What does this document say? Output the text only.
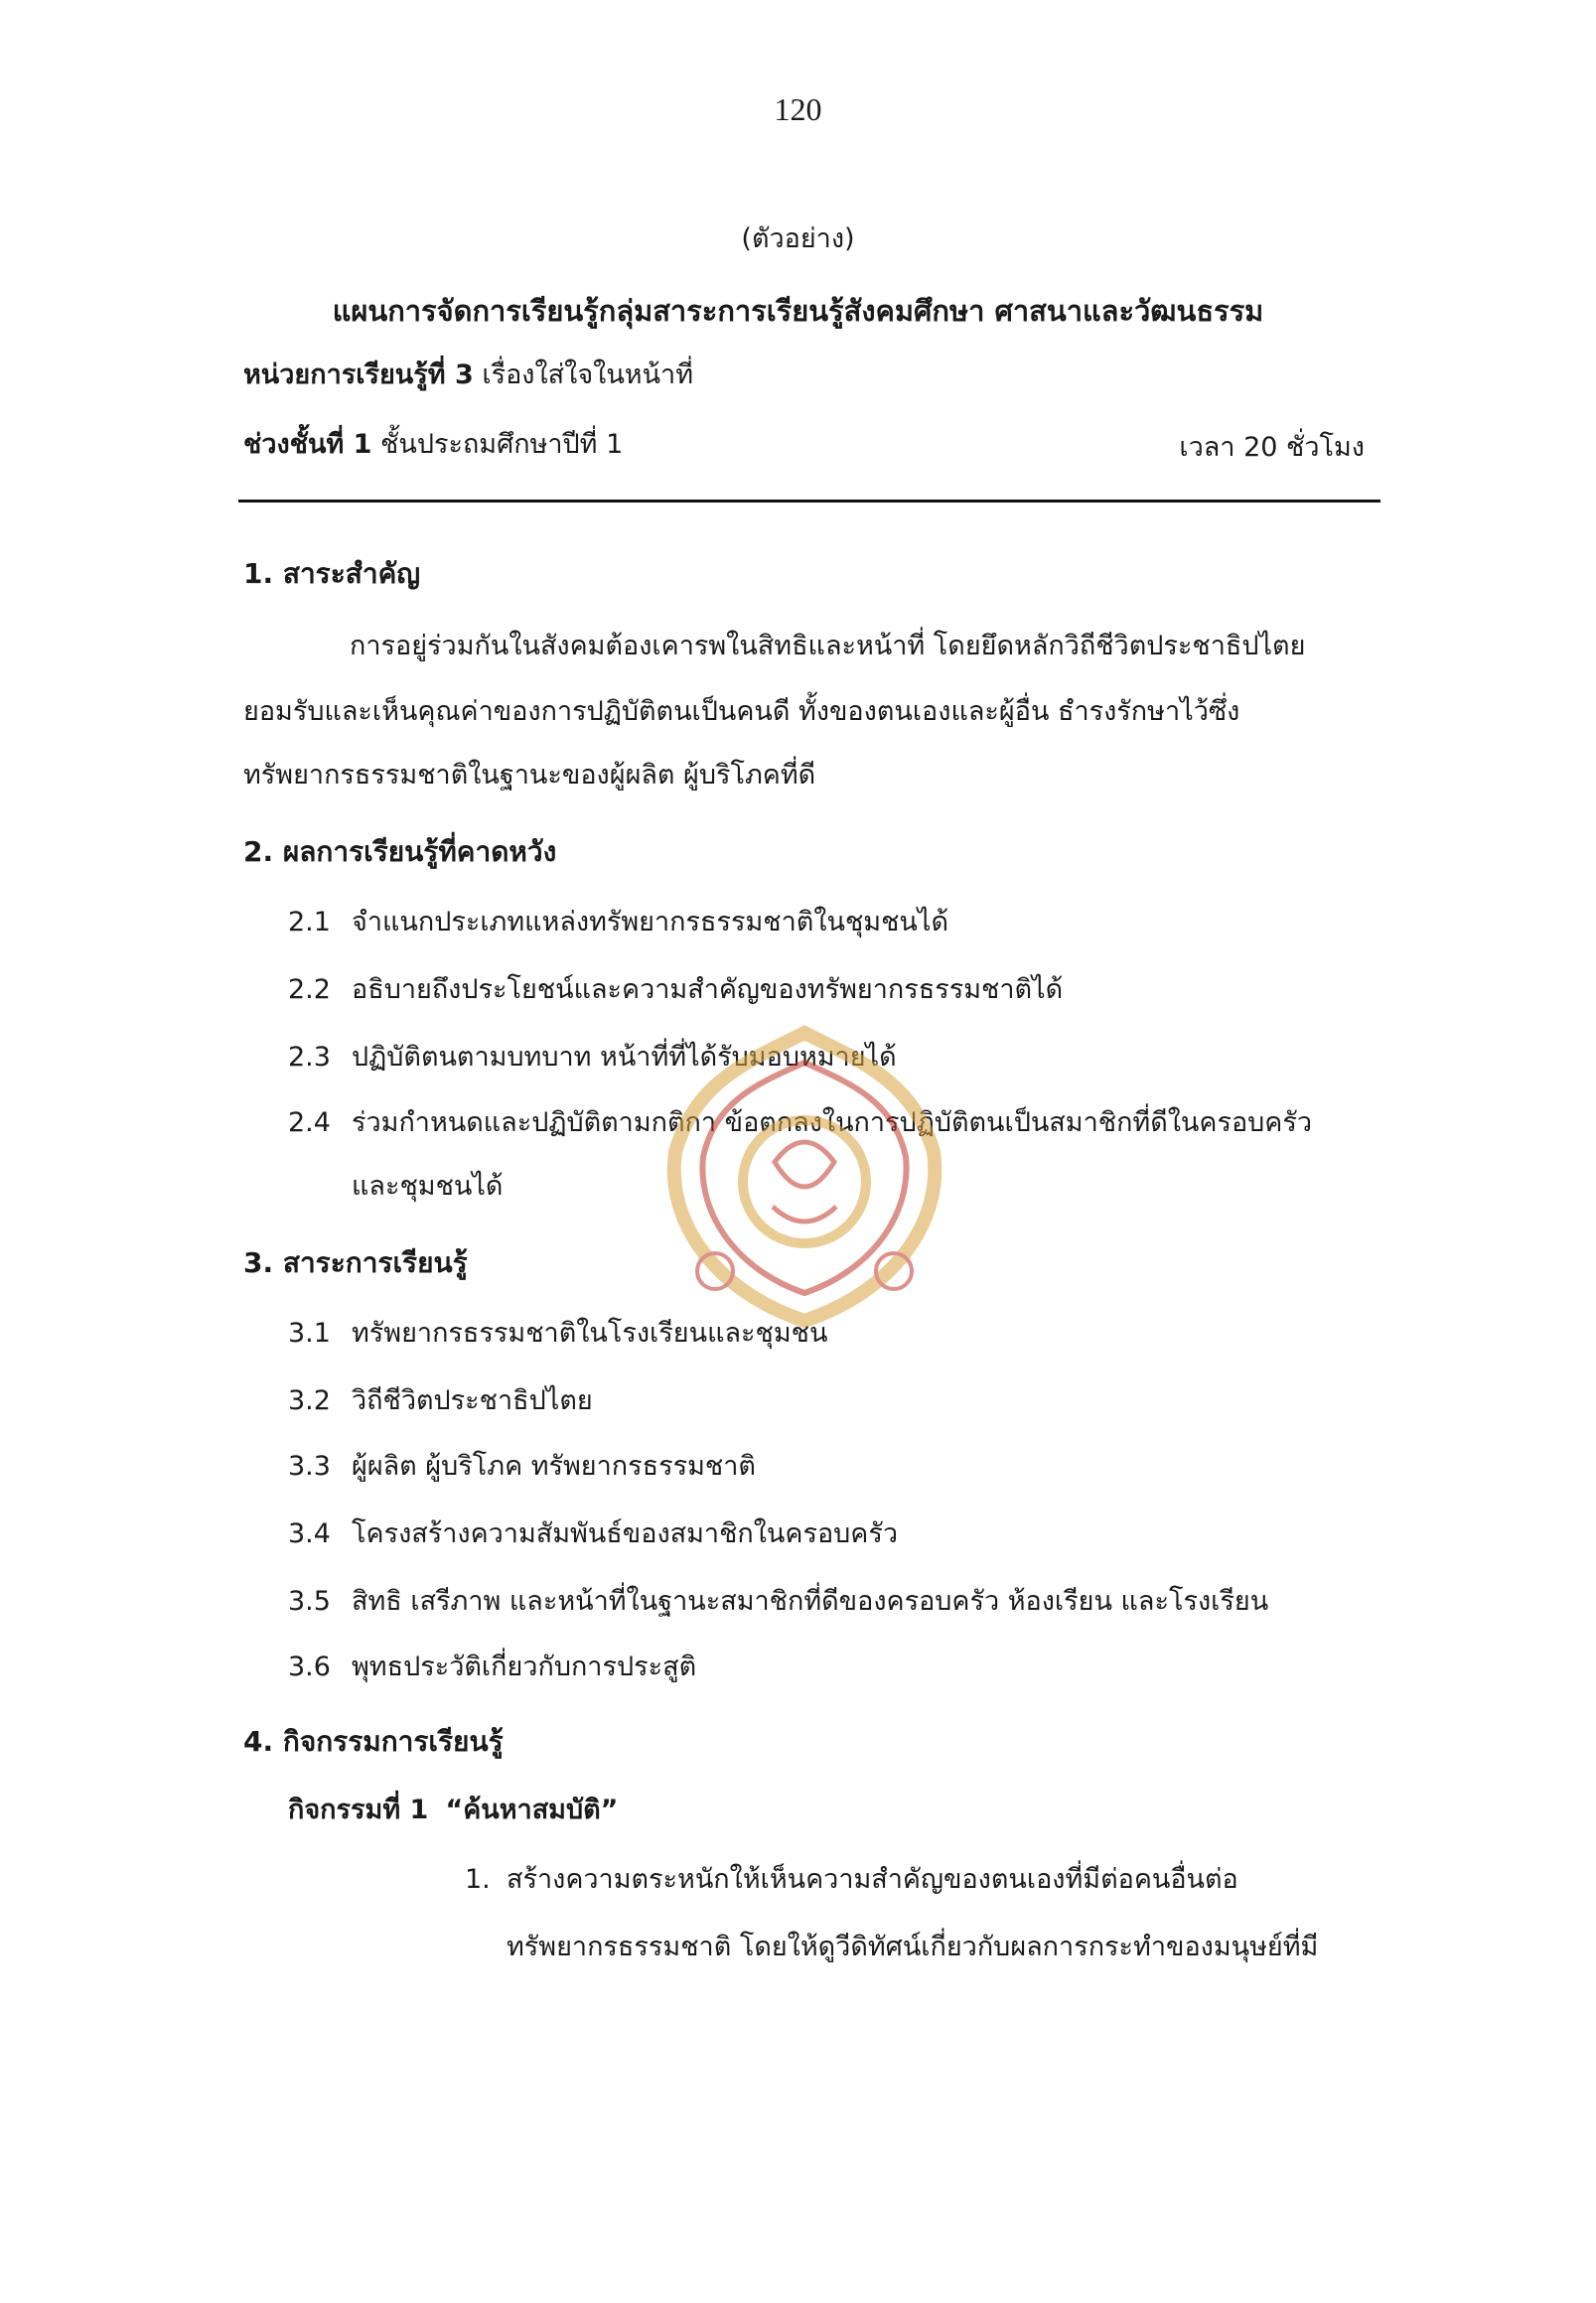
120
(ตัวอย่าง)
แผนการจัดการเรียนรู้กลุ่มสาระการเรียนรู้สังคมศึกษา ศาสนาและวัฒนธรรม
หน่วยการเรียนรู้ที่ 3 เรื่องใส่ใจในหน้าที่
ช่วงชั้นที่ 1 ชั้นประถมศึกษาปีที่ 1	เวลา 20 ชั่วโมง
1. สาระสำคัญ
การอยู่ร่วมกันในสังคมต้องเคารพในสิทธิและหน้าที่ โดยยึดหลักวิถีชีวิตประชาธิปไตย
ยอมรับและเห็นคุณค่าของการปฏิบัติตนเป็นคนดี ทั้งของตนเองและผู้อื่น ธำรงรักษาไว้ซึ่ง
ทรัพยากรธรรมชาติในฐานะของผู้ผลิต ผู้บริโภคที่ดี
2. ผลการเรียนรู้ที่คาดหวัง
2.1 จำแนกประเภทแหล่งทรัพยากรธรรมชาติในชุมชนได้
2.2 อธิบายถึงประโยชน์และความสำคัญของทรัพยากรธรรมชาติได้
2.3 ปฏิบัติตนตามบทบาท หน้าที่ที่ได้รับมอบหมายได้
2.4 ร่วมกำหนดและปฏิบัติตามกติกา ข้อตกลงในการปฏิบัติตนเป็นสมาชิกที่ดีในครอบครัว
และชุมชนได้
3. สาระการเรียนรู้
3.1 ทรัพยากรธรรมชาติในโรงเรียนและชุมชน
3.2 วิถีชีวิตประชาธิปไตย
3.3 ผู้ผลิต ผู้บริโภค ทรัพยากรธรรมชาติ
3.4 โครงสร้างความสัมพันธ์ของสมาชิกในครอบครัว
3.5 สิทธิ เสรีภาพ และหน้าที่ในฐานะสมาชิกที่ดีของครอบครัว ห้องเรียน และโรงเรียน
3.6 พุทธประวัติเกี่ยวกับการประสูติ
4. กิจกรรมการเรียนรู้
กิจกรรมที่ 1 “ค้นหาสมบัติ”
1. สร้างความตระหนักให้เห็นความสำคัญของตนเองที่มีต่อคนอื่นต่อ
ทรัพยากรธรรมชาติ โดยให้ดูวีดิทัศน์เกี่ยวกับผลการกระทำของมนุษย์ที่มี
